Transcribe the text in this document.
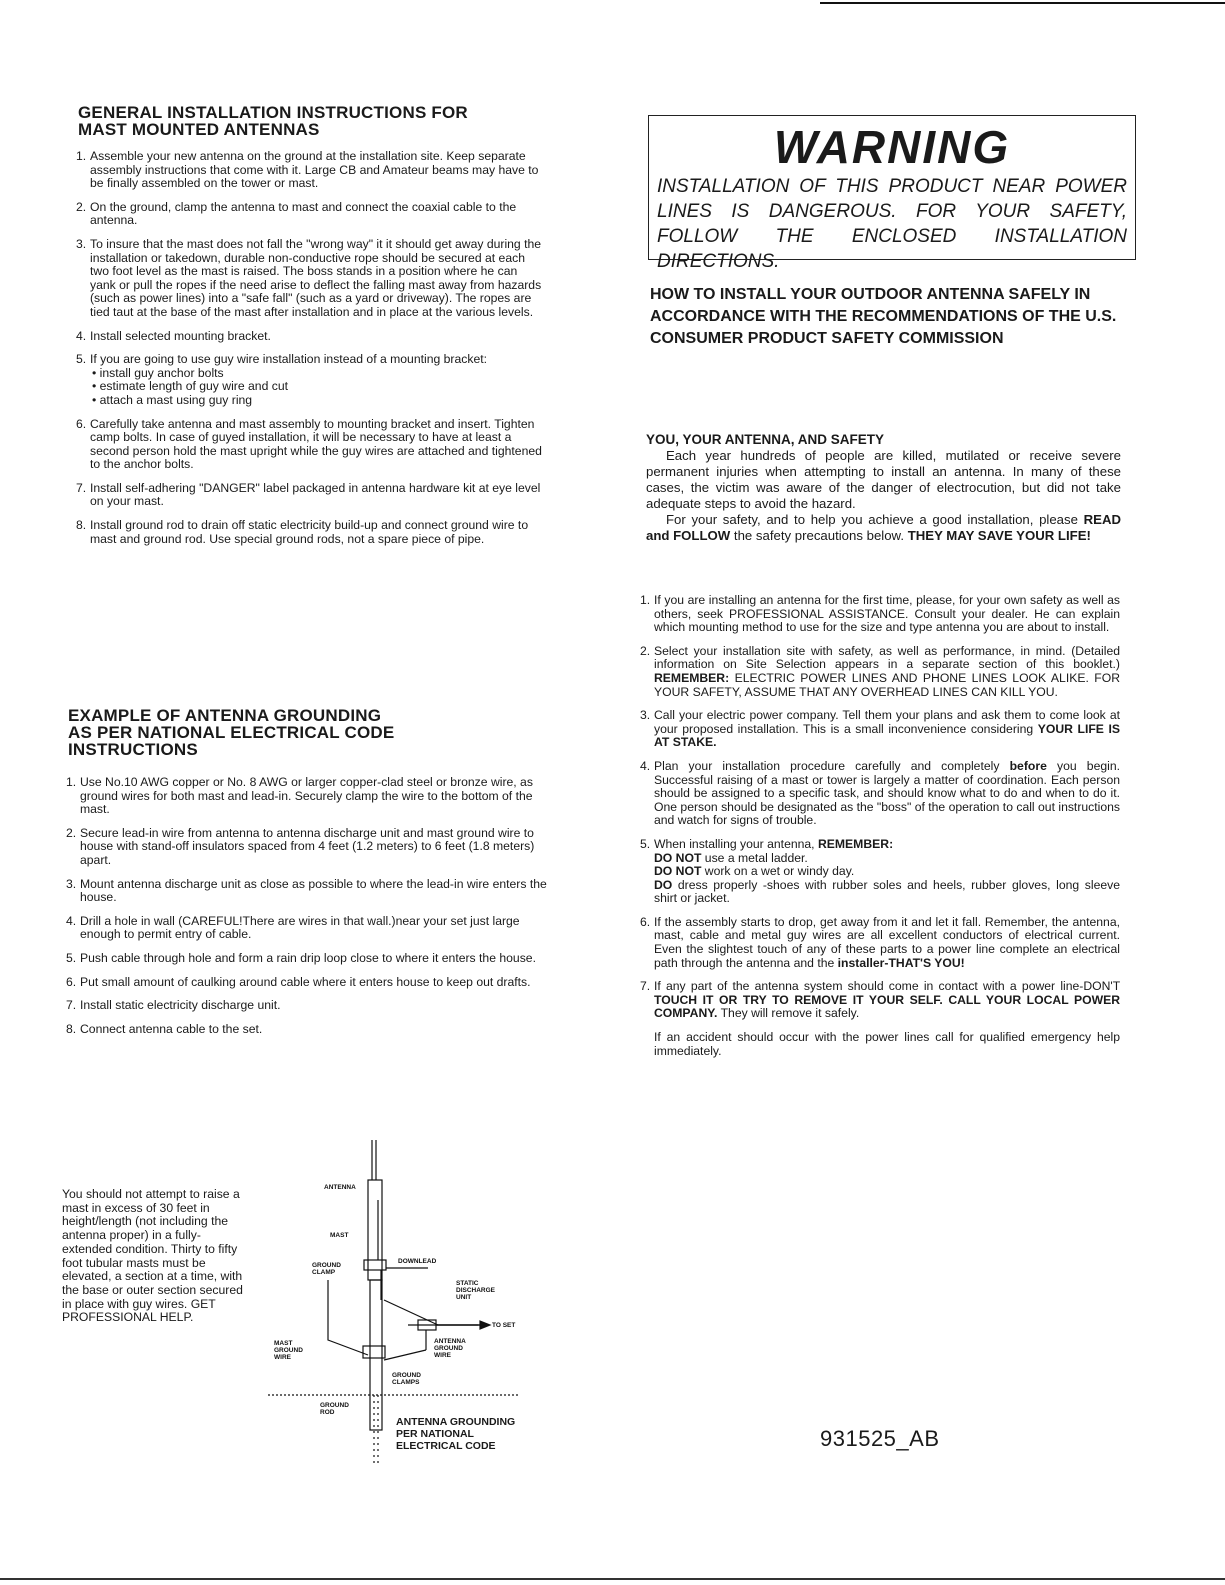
GENERAL INSTALLATION INSTRUCTIONS FOR
MAST MOUNTED ANTENNAS
1. Assemble your new antenna on the ground at the installation site. Keep separate assembly instructions that come with it. Large CB and Amateur beams may have to be finally assembled on the tower or mast.
2. On the ground, clamp the antenna to mast and connect the coaxial cable to the antenna.
3. To insure that the mast does not fall the "wrong way" it it should get away during the installation or takedown, durable non-conductive rope should be secured at each two foot level as the mast is raised. The boss stands in a position where he can yank or pull the ropes if the need arise to deflect the falling mast away from hazards (such as power lines) into a "safe fall" (such as a yard or driveway). The ropes are tied taut at the base of the mast after installation and in place at the various levels.
4. Install selected mounting bracket.
5. If you are going to use guy wire installation instead of a mounting bracket:
• install guy anchor bolts
• estimate length of guy wire and cut
• attach a mast using guy ring
6. Carefully take antenna and mast assembly to mounting bracket and insert. Tighten camp bolts. In case of guyed installation, it will be necessary to have at least a second person hold the mast upright while the guy wires are attached and tightened to the anchor bolts.
7. Install self-adhering "DANGER" label packaged in antenna hardware kit at eye level on your mast.
8. Install ground rod to drain off static electricity build-up and connect ground wire to mast and ground rod. Use special ground rods, not a spare piece of pipe.
EXAMPLE OF ANTENNA GROUNDING
AS PER NATIONAL ELECTRICAL CODE
INSTRUCTIONS
1. Use No.10 AWG copper or No. 8 AWG or larger copper-clad steel or bronze wire, as ground wires for both mast and lead-in. Securely clamp the wire to the bottom of the mast.
2. Secure lead-in wire from antenna to antenna discharge unit and mast ground wire to house with stand-off insulators spaced from 4 feet (1.2 meters) to 6 feet (1.8 meters) apart.
3. Mount antenna discharge unit as close as possible to where the lead-in wire enters the house.
4. Drill a hole in wall (CAREFUL!There are wires in that wall.)near your set just large enough to permit entry of cable.
5. Push cable through hole and form a rain drip loop close to where it enters the house.
6. Put small amount of caulking around cable where it enters house to keep out drafts.
7. Install static electricity discharge unit.
8. Connect antenna cable to the set.
You should not attempt to raise a mast in excess of 30 feet in height/length (not including the antenna proper) in a fully-extended condition. Thirty to fifty foot tubular masts must be elevated, a section at a time, with the base or outer section secured in place with guy wires. GET PROFESSIONAL HELP.
ANTENNA
MAST
GROUND CLAMP
DOWNLEAD
STATIC DISCHARGE UNIT
TO SET
ANTENNA GROUND WIRE
MAST GROUND WIRE
GROUND CLAMPS
GROUND ROD
ANTENNA GROUNDING
PER NATIONAL
ELECTRICAL CODE
WARNING
INSTALLATION OF THIS PRODUCT NEAR POWER LINES IS DANGEROUS. FOR YOUR SAFETY, FOLLOW THE ENCLOSED INSTALLATION DIRECTIONS.
HOW TO INSTALL YOUR OUTDOOR ANTENNA SAFELY IN ACCORDANCE WITH THE RECOMMENDATIONS OF THE U.S. CONSUMER PRODUCT SAFETY COMMISSION
YOU, YOUR ANTENNA, AND SAFETY
Each year hundreds of people are killed, mutilated or receive severe permanent injuries when attempting to install an antenna. In many of these cases, the victim was aware of the danger of electrocution, but did not take adequate steps to avoid the hazard.
For your safety, and to help you achieve a good installation, please READ and FOLLOW the safety precautions below. THEY MAY SAVE YOUR LIFE!
1. If you are installing an antenna for the first time, please, for your own safety as well as others, seek PROFESSIONAL ASSISTANCE. Consult your dealer. He can explain which mounting method to use for the size and type antenna you are about to install.
2. Select your installation site with safety, as well as performance, in mind. (Detailed information on Site Selection appears in a separate section of this booklet.) REMEMBER: ELECTRIC POWER LINES AND PHONE LINES LOOK ALIKE. FOR YOUR SAFETY, ASSUME THAT ANY OVERHEAD LINES CAN KILL YOU.
3. Call your electric power company. Tell them your plans and ask them to come look at your proposed installation. This is a small inconvenience considering YOUR LIFE IS AT STAKE.
4. Plan your installation procedure carefully and completely before you begin. Successful raising of a mast or tower is largely a matter of coordination. Each person should be assigned to a specific task, and should know what to do and when to do it. One person should be designated as the "boss" of the operation to call out instructions and watch for signs of trouble.
5. When installing your antenna, REMEMBER:
DO NOT use a metal ladder.
DO NOT work on a wet or windy day.
DO dress properly -shoes with rubber soles and heels, rubber gloves, long sleeve shirt or jacket.
6. If the assembly starts to drop, get away from it and let it fall. Remember, the antenna, mast, cable and metal guy wires are all excellent conductors of electrical current. Even the slightest touch of any of these parts to a power line complete an electrical path through the antenna and the installer-THAT'S YOU!
7. If any part of the antenna system should come in contact with a power line-DON'T TOUCH IT OR TRY TO REMOVE IT YOUR SELF. CALL YOUR LOCAL POWER COMPANY. They will remove it safely.
If an accident should occur with the power lines call for qualified emergency help immediately.
931525_AB
